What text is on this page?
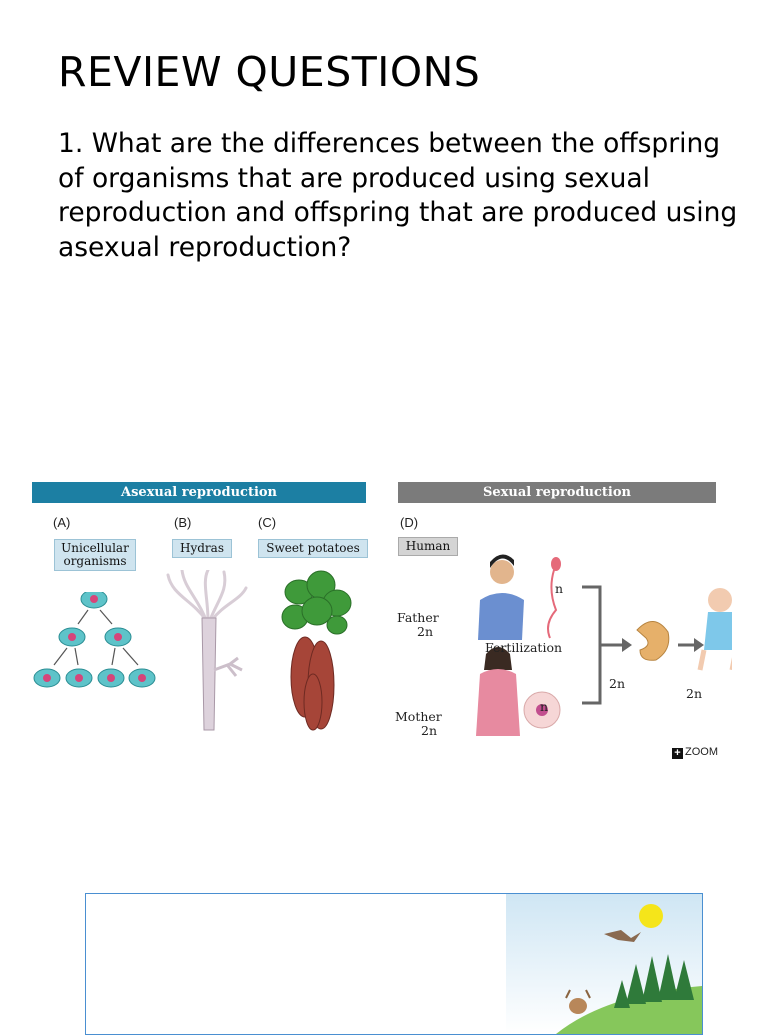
REVIEW QUESTIONS
1. What are the differences between the offspring of organisms that are produced using sexual reproduction and offspring that are produced using asexual reproduction?
Asexual reproduction	Sexual reproduction
(A)
Unicellular
organisms
(B)
Hydras
(C)
Sweet potatoes
(D)
Human
n
Father
2n
Fertilization
2n
2n
n
Mother
2n
+ ZOOM
